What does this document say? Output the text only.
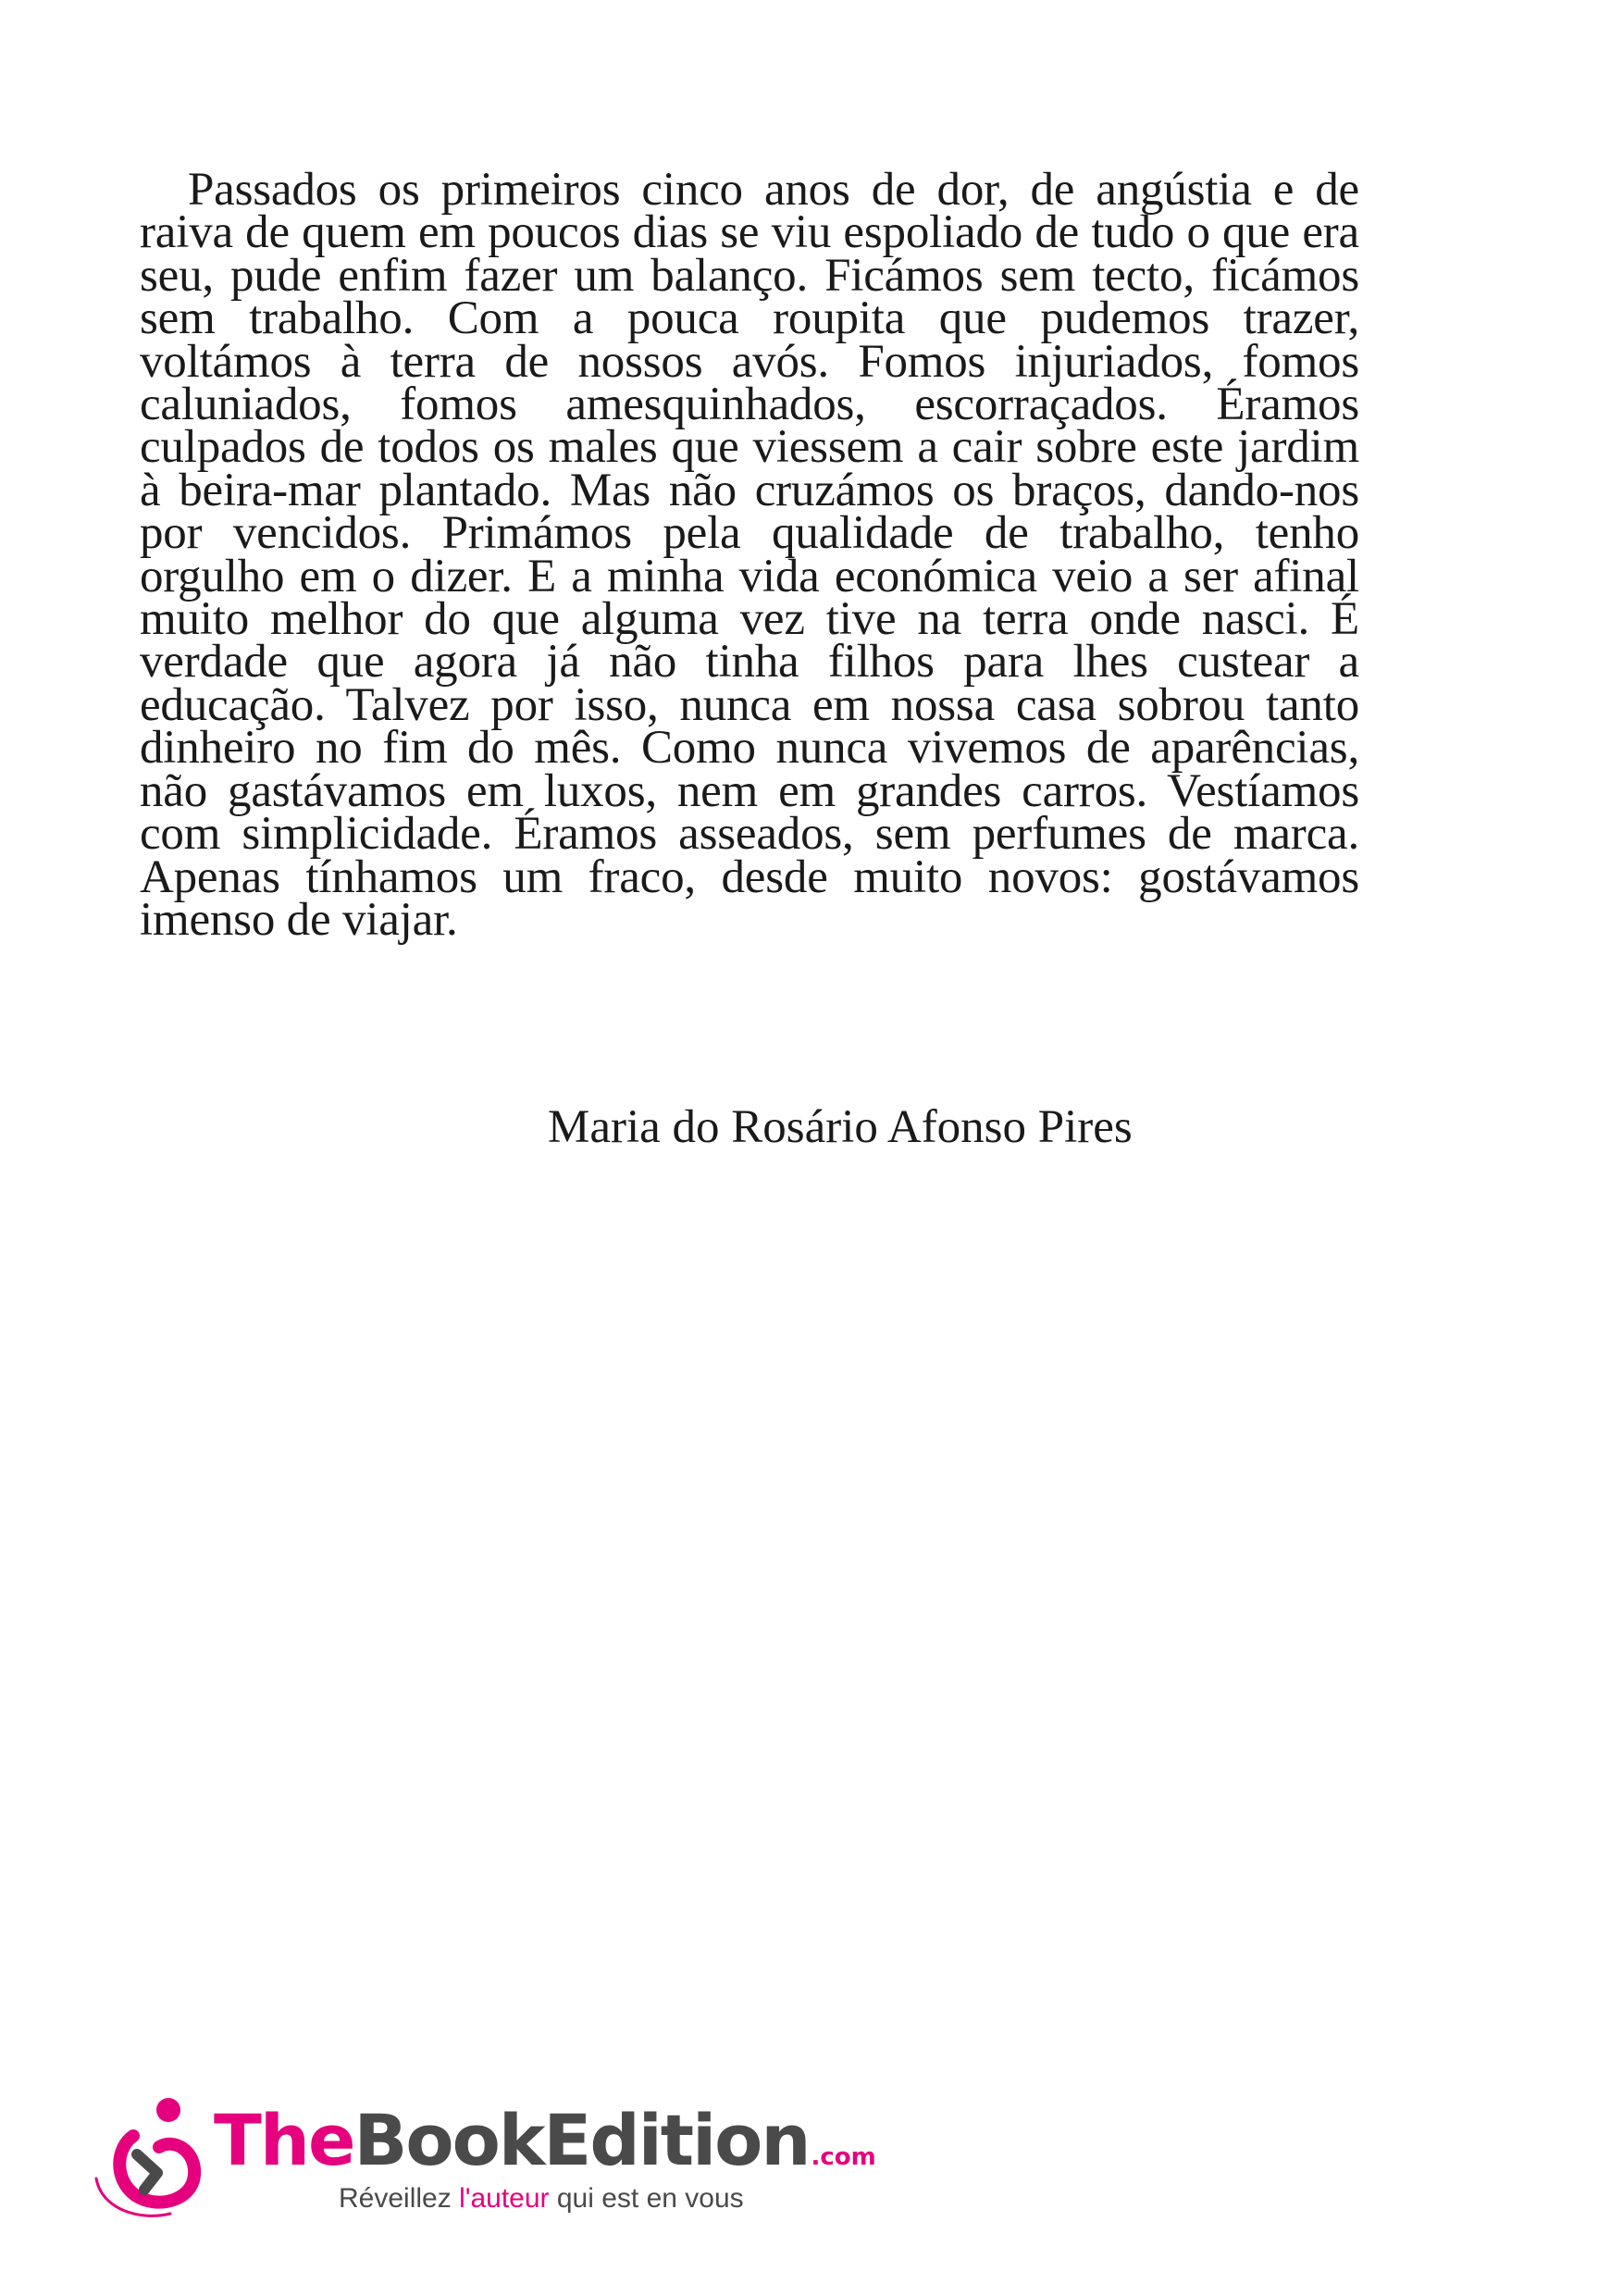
Passados os primeiros cinco anos de dor, de angústia e de raiva de quem em poucos dias se viu espoliado de tudo o que era seu, pude enfim fazer um balanço. Ficámos sem tecto, ficámos sem trabalho. Com a pouca roupita que pudemos trazer, voltámos à terra de nossos avós. Fomos injuriados, fomos caluniados, fomos amesquinhados, escorraçados. Éramos culpados de todos os males que viessem a cair sobre este jardim à beira-mar plantado. Mas não cruzámos os braços, dando-nos por vencidos. Primámos pela qualidade de trabalho, tenho orgulho em o dizer. E a minha vida económica veio a ser afinal muito melhor do que alguma vez tive na terra onde nasci. É verdade que agora já não tinha filhos para lhes custear a educação. Talvez por isso, nunca em nossa casa sobrou tanto dinheiro no fim do mês. Como nunca vivemos de aparências, não gastávamos em luxos, nem em grandes carros. Vestíamos com simplicidade. Éramos asseados, sem perfumes de marca. Apenas tínhamos um fraco, desde muito novos: gostávamos imenso de viajar.

Maria do Rosário Afonso Pires

TheBookEdition.com
Réveillez l'auteur qui est en vous
